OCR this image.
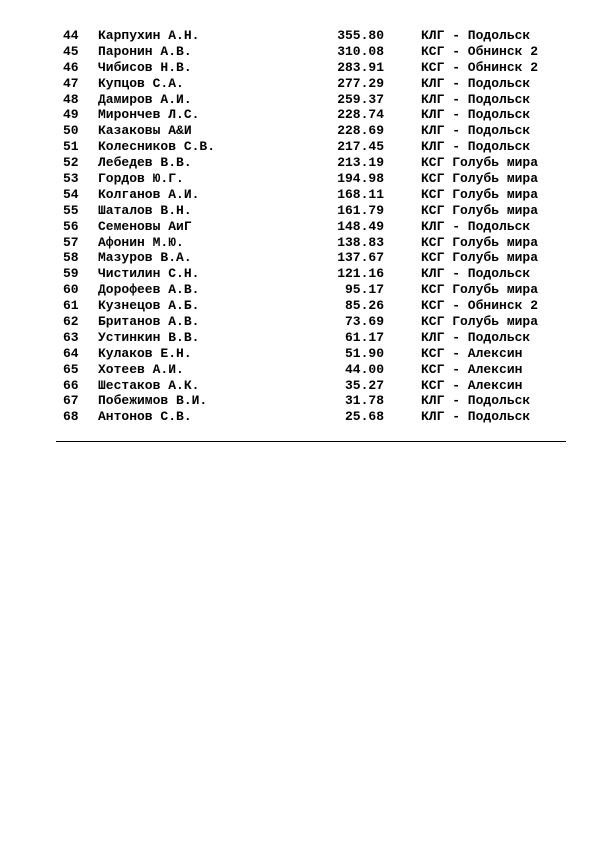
44 Карпухин А.Н.	355.80	КЛГ - Подольск
45 Паронин А.В.	310.08	КСГ - Обнинск 2
46 Чибисов Н.В.	283.91	КСГ - Обнинск 2
47 Купцов С.А.	277.29	КЛГ - Подольск
48 Дамиров А.И.	259.37	КЛГ - Подольск
49 Мирончев Л.С.	228.74	КЛГ - Подольск
50 Казаковы А&И	228.69	КЛГ - Подольск
51 Колесников С.В.	217.45	КЛГ - Подольск
52 Лебедев В.В.	213.19	КСГ Голубь мира
53 Гордов Ю.Г.	194.98	КСГ Голубь мира
54 Колганов А.И.	168.11	КСГ Голубь мира
55 Шаталов В.Н.	161.79	КСГ Голубь мира
56 Семеновы АиГ	148.49	КЛГ - Подольск
57 Афонин М.Ю.	138.83	КСГ Голубь мира
58 Мазуров В.А.	137.67	КСГ Голубь мира
59 Чистилин С.Н.	121.16	КЛГ - Подольск
60 Дорофеев А.В.	95.17	КСГ Голубь мира
61 Кузнецов А.Б.	85.26	КСГ - Обнинск 2
62 Британов А.В.	73.69	КСГ Голубь мира
63 Устинкин В.В.	61.17	КЛГ - Подольск
64 Кулаков Е.Н.	51.90	КСГ - Алексин
65 Хотеев А.И.	44.00	КСГ - Алексин
66 Шестаков А.К.	35.27	КСГ - Алексин
67 Побежимов В.И.	31.78	КЛГ - Подольск
68 Антонов С.В.	25.68	КЛГ - Подольск
